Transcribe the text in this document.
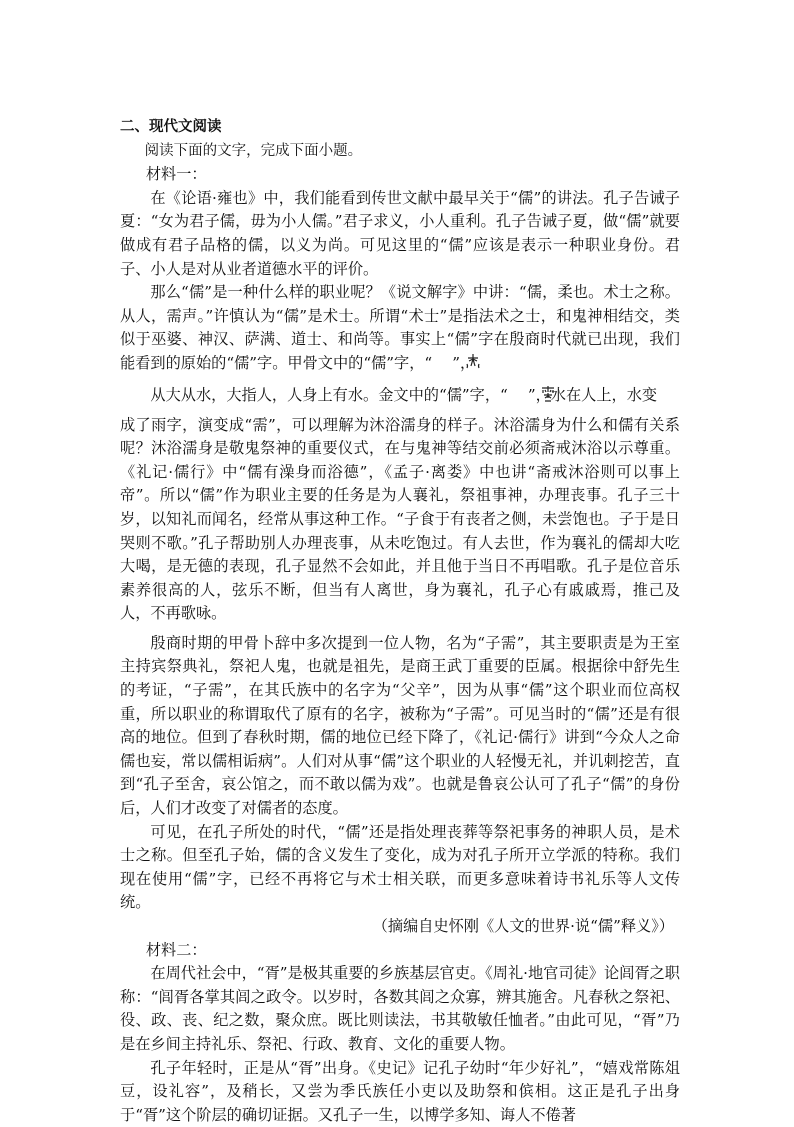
二、现代文阅读

阅读下面的文字，完成下面小题。

材料一：

在《论语·雍也》中，我们能看到传世文献中最早关于“儒”的讲法。孔子告诫子夏：“女为君子儒，毋为小人儒。”君子求义，小人重利。孔子告诫子夏，做“儒”就要做成有君子品格的儒，以义为尚。可见这里的“儒”应该是表示一种职业身份。君子、小人是对从业者道德水平的评价。

那么“儒”是一种什么样的职业呢？《说文解字》中讲：“儒，柔也。术士之称。从人，需声。”许慎认为“儒”是术士。所谓“术士”是指法术之士，和鬼神相结交，类似于巫婆、神汉、萨满、道士、和尚等。事实上“儒”字在殷商时代就已出现，我们能看到的原始的“儒”字。甲骨文中的“儒”字，“ ”，
从大从水，大指人，人身上有水。金文中的“儒”字，“ ”，水在人上，水变
成了雨字，演变成“需”，可以理解为沐浴濡身的样子。沐浴濡身为什么和儒有关系呢？沐浴濡身是敬鬼祭神的重要仪式，在与鬼神等结交前必须斋戒沐浴以示尊重。《礼记·儒行》中“儒有澡身而浴德”，《孟子·离娄》中也讲“斋戒沐浴则可以事上帝”。所以“儒”作为职业主要的任务是为人襄礼，祭祖事神，办理丧事。孔子三十岁，以知礼而闻名，经常从事这种工作。“子食于有丧者之侧，未尝饱也。子于是日哭则不歌。”孔子帮助别人办理丧事，从未吃饱过。有人去世，作为襄礼的儒却大吃大喝，是无德的表现，孔子显然不会如此，并且他于当日不再唱歌。孔子是位音乐素养很高的人，弦乐不断，但当有人离世，身为襄礼，孔子心有戚戚焉，推己及人，不再歌咏。

殷商时期的甲骨卜辞中多次提到一位人物，名为“子需”，其主要职责是为王室主持宾祭典礼，祭祀人鬼，也就是祖先，是商王武丁重要的臣属。根据徐中舒先生的考证，“子需”，在其氏族中的名字为“父辛”，因为从事“儒”这个职业而位高权重，所以职业的称谓取代了原有的名字，被称为“子需”。可见当时的“儒”还是有很高的地位。但到了春秋时期，儒的地位已经下降了，《礼记·儒行》讲到“今众人之命儒也妄，常以儒相诟病”。人们对从事“儒”这个职业的人轻慢无礼，并讥刺挖苦，直到“孔子至舍，哀公馆之，而不敢以儒为戏”。也就是鲁哀公认可了孔子“儒”的身份后，人们才改变了对儒者的态度。

可见，在孔子所处的时代，“儒”还是指处理丧葬等祭祀事务的神职人员，是术士之称。但至孔子始，儒的含义发生了变化，成为对孔子所开立学派的特称。我们现在使用“儒”字，已经不再将它与术士相关联，而更多意味着诗书礼乐等人文传统。

（摘编自史怀刚《人文的世界·说“儒”释义》）

材料二：

在周代社会中，“胥”是极其重要的乡族基层官吏。《周礼·地官司徒》论闾胥之职称：“闾胥各掌其闾之政令。以岁时，各数其闾之众寡，辨其施舍。凡春秋之祭祀、役、政、丧、纪之数，聚众庶。既比则读法，书其敬敏任恤者。”由此可见，“胥”乃是在乡间主持礼乐、祭祀、行政、教育、文化的重要人物。

孔子年轻时，正是从“胥”出身。《史记》记孔子幼时“年少好礼”，“嬉戏常陈俎豆，设礼容”，及稍长，又尝为季氏族任小吏以及助祭和傧相。这正是孔子出身于“胥”这个阶层的确切证据。又孔子一生，以博学多知、诲人不倦著
